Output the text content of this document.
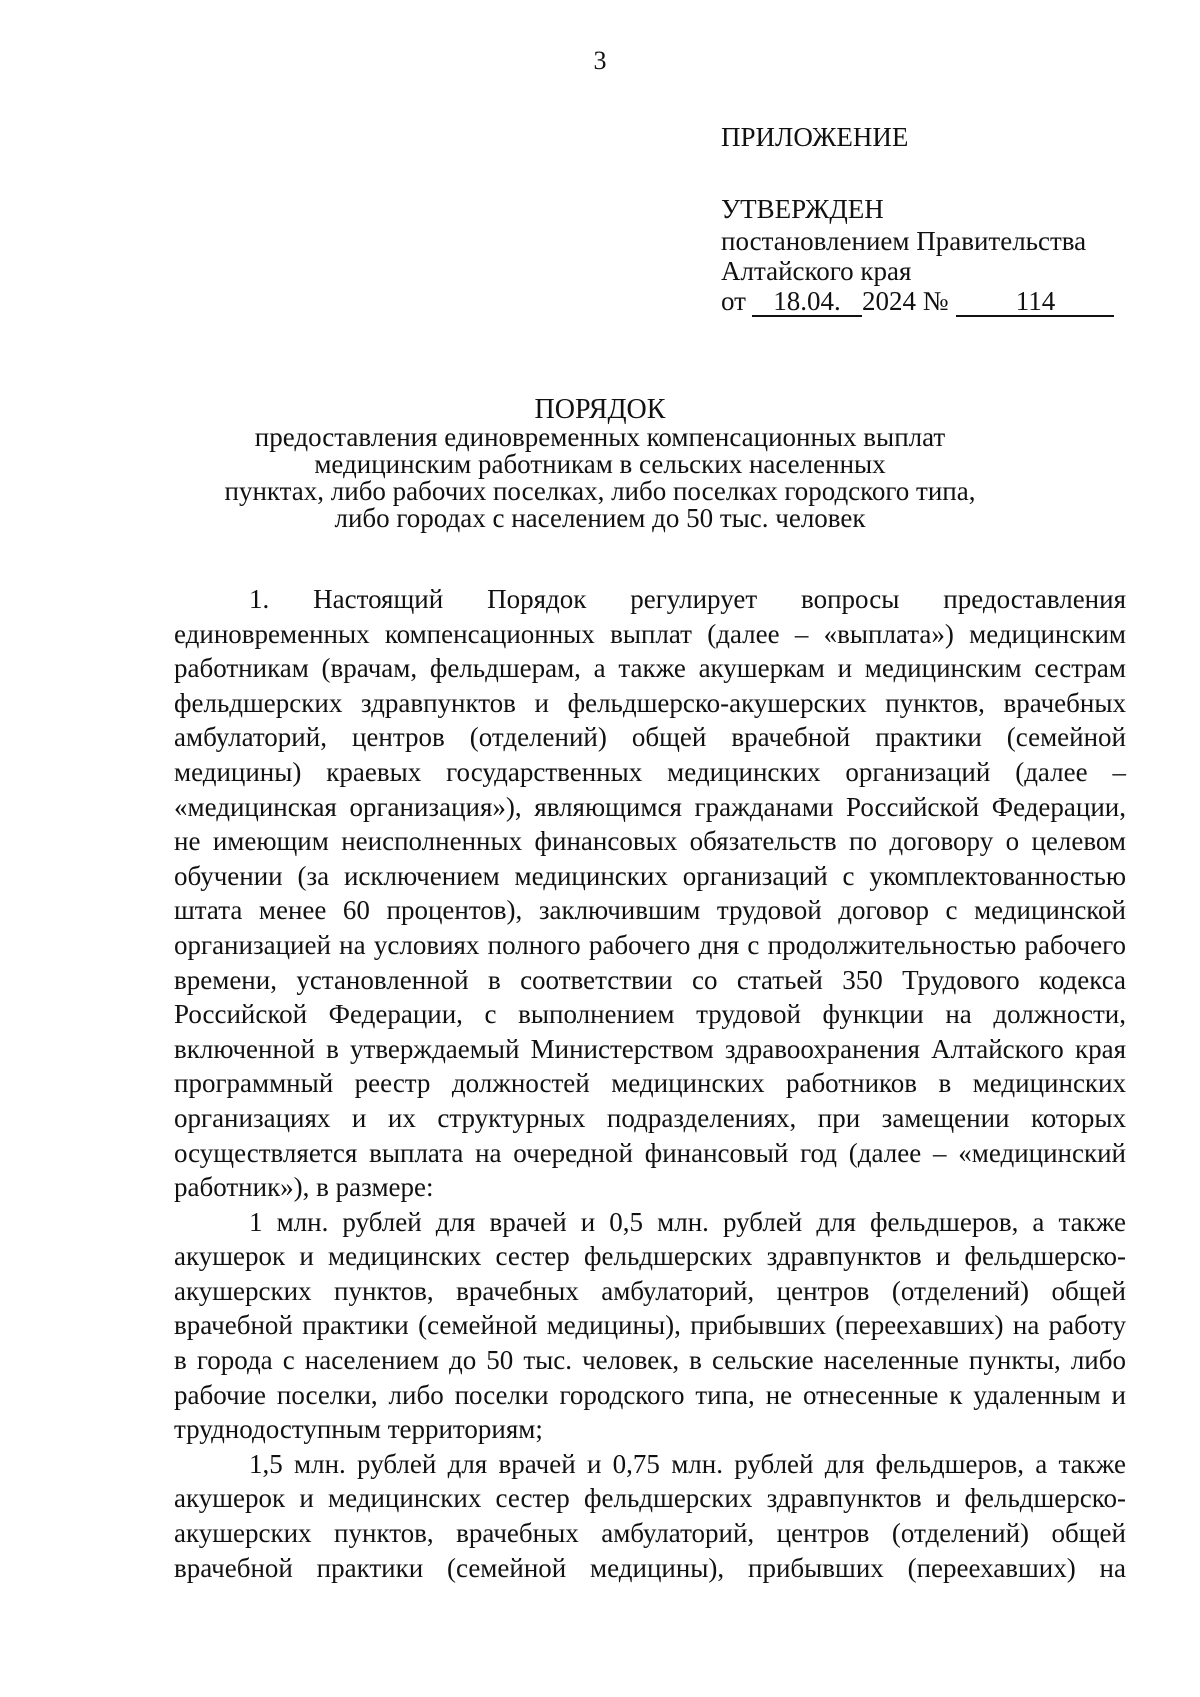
3
ПРИЛОЖЕНИЕ
УТВЕРЖДЕН
постановлением Правительства
Алтайского края
от 18.04. 2024 № 114
ПОРЯДОК
предоставления единовременных компенсационных выплат
медицинским работникам в сельских населенных
пунктах, либо рабочих поселках, либо поселках городского типа,
либо городах с населением до 50 тыс. человек

1. Настоящий Порядок регулирует вопросы предоставления единовременных компенсационных выплат (далее – «выплата») медицинским работникам (врачам, фельдшерам, а также акушеркам и медицинским сестрам фельдшерских здравпунктов и фельдшерско-акушерских пунктов, врачебных амбулаторий, центров (отделений) общей врачебной практики (семейной медицины) краевых государственных медицинских организаций (далее – «медицинская организация»), являющимся гражданами Российской Федерации, не имеющим неисполненных финансовых обязательств по договору о целевом обучении (за исключением медицинских организаций с укомплектованностью штата менее 60 процентов), заключившим трудовой договор с медицинской организацией на условиях полного рабочего дня с продолжительностью рабочего времени, установленной в соответствии со статьей 350 Трудового кодекса Российской Федерации, с выполнением трудовой функции на должности, включенной в утверждаемый Министерством здравоохранения Алтайского края программный реестр должностей медицинских работников в медицинских организациях и их структурных подразделениях, при замещении которых осуществляется выплата на очередной финансовый год (далее – «медицинский работник»), в размере:

1 млн. рублей для врачей и 0,5 млн. рублей для фельдшеров, а также акушерок и медицинских сестер фельдшерских здравпунктов и фельдшерско-акушерских пунктов, врачебных амбулаторий, центров (отделений) общей врачебной практики (семейной медицины), прибывших (переехавших) на работу в города с населением до 50 тыс. человек, в сельские населенные пункты, либо рабочие поселки, либо поселки городского типа, не отнесенные к удаленным и труднодоступным территориям;

1,5 млн. рублей для врачей и 0,75 млн. рублей для фельдшеров, а также акушерок и медицинских сестер фельдшерских здравпунктов и фельдшерско-акушерских пунктов, врачебных амбулаторий, центров (отделений) общей врачебной практики (семейной медицины), прибывших (переехавших) на
